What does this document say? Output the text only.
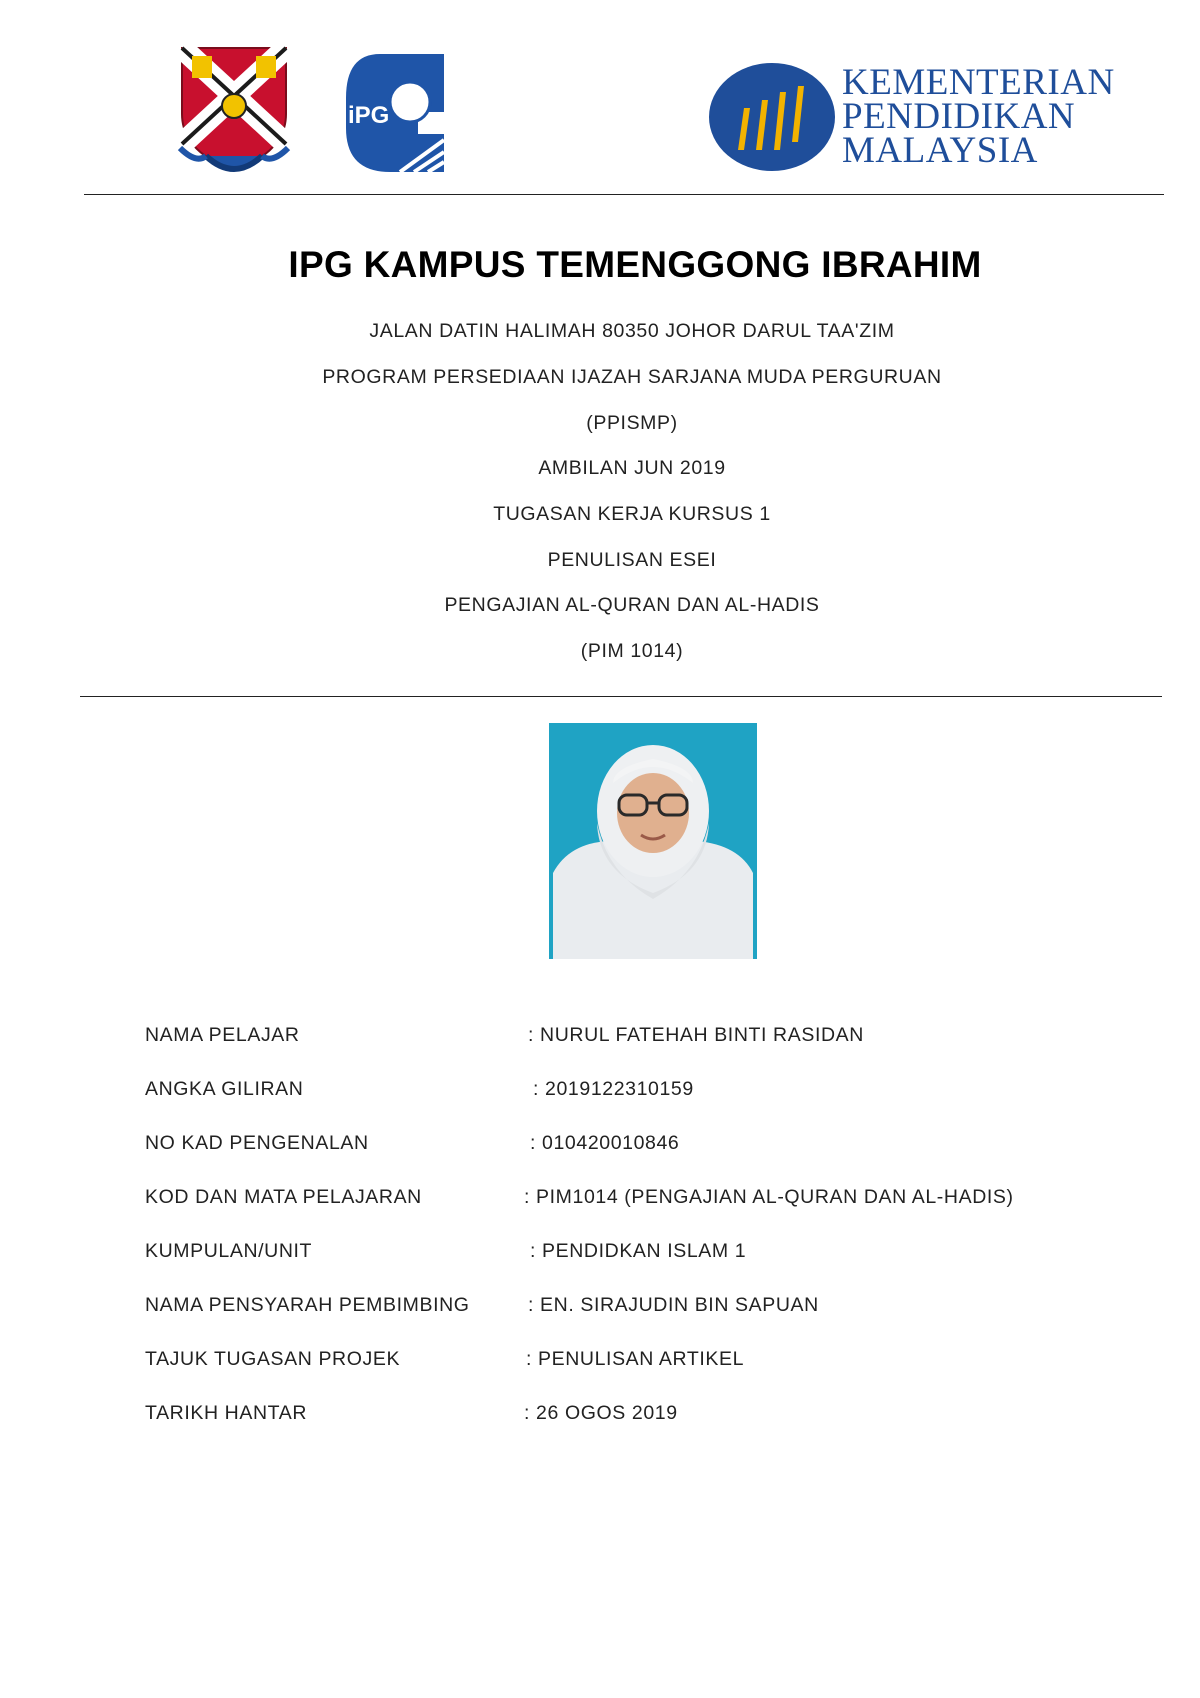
iPG
KEMENTERIAN
PENDIDIKAN
MALAYSIA
IPG KAMPUS TEMENGGONG IBRAHIM
JALAN DATIN HALIMAH 80350 JOHOR DARUL TAA'ZIM
PROGRAM PERSEDIAAN IJAZAH SARJANA MUDA PERGURUAN
(PPISMP)
AMBILAN JUN 2019
TUGASAN KERJA KURSUS 1
PENULISAN ESEI
PENGAJIAN AL-QURAN DAN AL-HADIS
(PIM 1014)
NAMA PELAJAR	: NURUL FATEHAH BINTI RASIDAN
ANGKA GILIRAN	: 2019122310159
NO KAD PENGENALAN	: 010420010846
KOD DAN MATA PELAJARAN	: PIM1014 (PENGAJIAN AL-QURAN DAN AL-HADIS)
KUMPULAN/UNIT	: PENDIDKAN ISLAM 1
NAMA PENSYARAH PEMBIMBING	: EN. SIRAJUDIN BIN SAPUAN
TAJUK TUGASAN PROJEK	: PENULISAN ARTIKEL
TARIKH HANTAR	: 26 OGOS 2019
